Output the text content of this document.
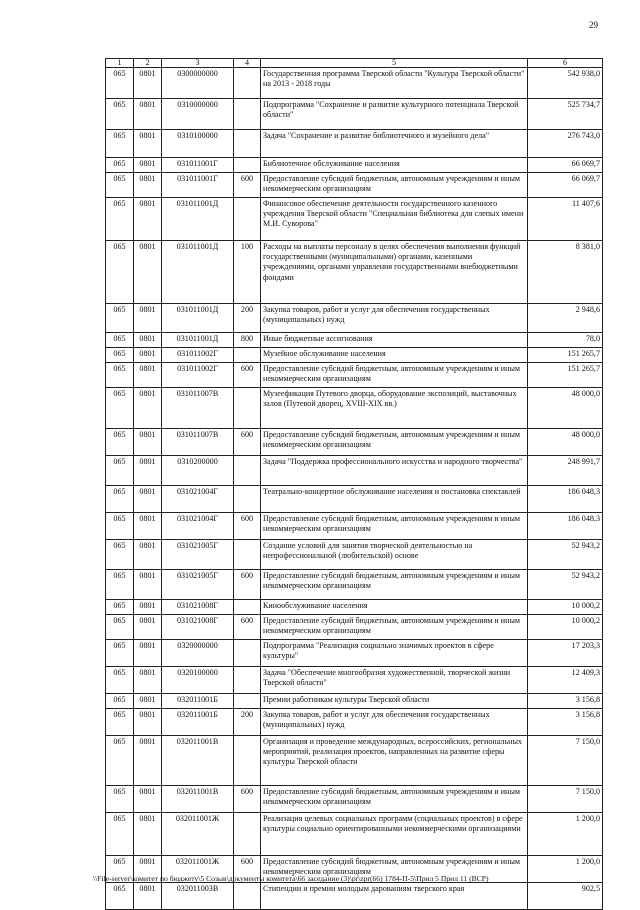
29
1	2	3	4	5	6
065	0801	0300000000		Государственная программа Тверской области "Культура Тверской области" на 2013 - 2018 годы	542 938,0
065	0801	0310000000		Подпрограмма "Сохранение и развитие культурного потенциала Тверской области"	525 734,7
065	0801	0310100000		Задача "Сохранение и развитие библиотечного и музейного дела"	276 743,0
065	0801	031011001Г		Библиотечное обслуживание населения	66 069,7
065	0801	031011001Г	600	Предоставление субсидий бюджетным, автономным учреждениям и иным некоммерческим организациям	66 069,7
065	0801	031011001Д		Финансовое обеспечение деятельности государственного казенного учреждения Тверской области "Специальная библиотека для слепых имени М.И. Суворова"	11 407,6
065	0801	031011001Д	100	Расходы на выплаты персоналу в целях обеспечения выполнения функций государственными (муниципальными) органами, казенными учреждениями, органами управления государственными внебюджетными фондами	8 381,0
065	0801	031011001Д	200	Закупка товаров, работ и услуг для обеспечения государственных (муниципальных) нужд	2 948,6
065	0801	031011001Д	800	Иные бюджетные ассигнования	78,0
065	0801	031011002Г		Музейное обслуживание населения	151 265,7
065	0801	031011002Г	600	Предоставление субсидий бюджетным, автономным учреждениям и иным некоммерческим организациям	151 265,7
065	0801	031011007В		Музеефикация Путевого дворца, оборудование экспозиций, выставочных залов (Путевой дворец, XVIII-XIX вв.)	48 000,0
065	0801	031011007В	600	Предоставление субсидий бюджетным, автономным учреждениям и иным некоммерческим организациям	48 000,0
065	0801	0310200000		Задача "Поддержка профессионального искусства и народного творчества"	248 991,7
065	0801	031021004Г		Театрально-концертное обслуживание населения и постановка спектаклей	186 048,3
065	0801	031021004Г	600	Предоставление субсидий бюджетным, автономным учреждениям и иным некоммерческим организациям	186 048,3
065	0801	031021005Г		Создание условий для занятия творческой деятельностью на непрофессиональной (любительской) основе	52 943,2
065	0801	031021005Г	600	Предоставление субсидий бюджетным, автономным учреждениям и иным некоммерческим организациям	52 943,2
065	0801	031021008Г		Кинообслуживание населения	10 000,2
065	0801	031021008Г	600	Предоставление субсидий бюджетным, автономным учреждениям и иным некоммерческим организациям	10 000,2
065	0801	0320000000		Подпрограмма "Реализация социально значимых проектов в сфере культуры"	17 203,3
065	0801	0320100000		Задача "Обеспечение многообразия художественной, творческой жизни Тверской области"	12 409,3
065	0801	032011001Б		Премии работникам культуры Тверской области	3 156,8
065	0801	032011001Б	200	Закупка товаров, работ и услуг для обеспечения государственных (муниципальных) нужд	3 156,8
065	0801	032011001В		Организация и проведение международных, всероссийских, региональных мероприятий, реализация проектов, направленных на развитие сферы культуры Тверской области	7 150,0
065	0801	032011001В	600	Предоставление субсидий бюджетным, автономным учреждениям и иным некоммерческим организациям	7 150,0
065	0801	032011001Ж		Реализация целевых социальных программ (социальных проектов) в сфере культуры социально ориентированными некоммерческими организациями	1 200,0
065	0801	032011001Ж	600	Предоставление субсидий бюджетным, автономным учреждениям и иным некоммерческим организациям	1 200,0
065	0801	032011003В		Стипендии и премии молодым дарованиям тверского края	902,5
\\File-server\комитет по бюджету\5 Созыв\документы комитета\66 заседание (3)\pr\zpr(66) 1784-П-5\Прил 5 Прил 11 (ВСР)
